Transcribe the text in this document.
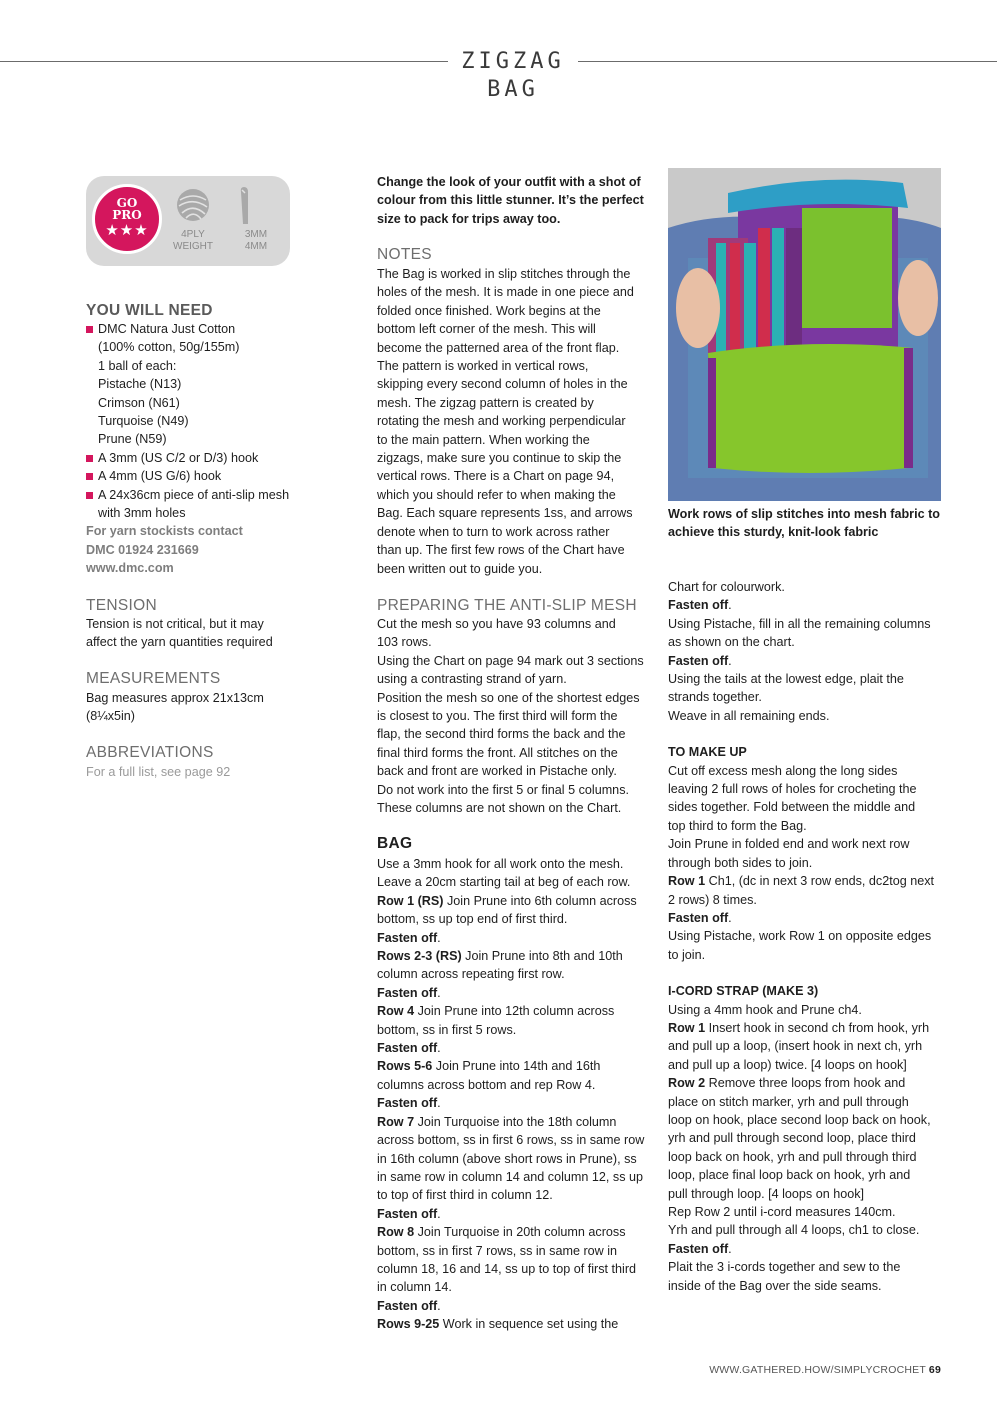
ZIGZAG BAG
GO
PRO
★★★	4PLY
WEIGHT
3MM
4MM
YOU WILL NEED

DMC Natura Just Cotton

(100% cotton, 50g/155m)

1 ball of each:

Pistache (N13)

Crimson (N61)

Turquoise (N49)

Prune (N59)

A 3mm (US C/2 or D/3) hook

A 4mm (US G/6) hook

A 24x36cm piece of anti-slip mesh

with 3mm holes

For yarn stockists contact

DMC 01924 231669

www.dmc.com

TENSION

Tension is not critical, but it may

affect the yarn quantities required

MEASUREMENTS

Bag measures approx 21x13cm

(8¼x5in)

ABBREVIATIONS
For a full list, see page 92

Change the look of your outfit with a shot of

colour from this little stunner. It’s the perfect

size to pack for trips away too.

NOTES

The Bag is worked in slip stitches through the

holes of the mesh. It is made in one piece and

folded once finished. Work begins at the

bottom left corner of the mesh. This will

become the patterned area of the front flap.

The pattern is worked in vertical rows,

skipping every second column of holes in the

mesh. The zigzag pattern is created by

rotating the mesh and working perpendicular

to the main pattern. When working the

zigzags, make sure you continue to skip the

vertical rows. There is a Chart on page 94,

which you should refer to when making the

Bag. Each square represents 1ss, and arrows

denote when to turn to work across rather

than up. The first few rows of the Chart have

been written out to guide you.

PREPARING THE ANTI-SLIP MESH

Cut the mesh so you have 93 columns and

103 rows.

Using the Chart on page 94 mark out 3 sections

using a contrasting strand of yarn.

Position the mesh so one of the shortest edges

is closest to you. The first third will form the

flap, the second third forms the back and the

final third forms the front. All stitches on the

back and front are worked in Pistache only.

Do not work into the first 5 or final 5 columns.

These columns are not shown on the Chart.

BAG

Use a 3mm hook for all work onto the mesh.

Leave a 20cm starting tail at beg of each row.

Row 1 (RS) Join Prune into 6th column across

bottom, ss up top end of first third.

Fasten off.

Rows 2-3 (RS) Join Prune into 8th and 10th

column across repeating first row.

Fasten off.

Row 4 Join Prune into 12th column across

bottom, ss in first 5 rows.

Fasten off.

Rows 5-6 Join Prune into 14th and 16th

columns across bottom and rep Row 4.

Fasten off.

Row 7 Join Turquoise into the 18th column

across bottom, ss in first 6 rows, ss in same row

in 16th column (above short rows in Prune), ss

in same row in column 14 and column 12, ss up

to top of first third in column 12.

Fasten off.

Row 8 Join Turquoise in 20th column across

bottom, ss in first 7 rows, ss in same row in

column 18, 16 and 14, ss up to top of first third

in column 14.

Fasten off.

Rows 9-25 Work in sequence set using the

Work rows of slip stitches into mesh fabric to

achieve this sturdy, knit-look fabric

Chart for colourwork.

Fasten off.

Using Pistache, fill in all the remaining columns

as shown on the chart.

Fasten off.

Using the tails at the lowest edge, plait the

strands together.

Weave in all remaining ends.

TO MAKE UP

Cut off excess mesh along the long sides

leaving 2 full rows of holes for crocheting the

sides together. Fold between the middle and

top third to form the Bag.

Join Prune in folded end and work next row

through both sides to join.

Row 1 Ch1, (dc in next 3 row ends, dc2tog next

2 rows) 8 times.

Fasten off.

Using Pistache, work Row 1 on opposite edges

to join.

I-CORD STRAP (MAKE 3)

Using a 4mm hook and Prune ch4.

Row 1 Insert hook in second ch from hook, yrh

and pull up a loop, (insert hook in next ch, yrh

and pull up a loop) twice. [4 loops on hook]

Row 2 Remove three loops from hook and

place on stitch marker, yrh and pull through

loop on hook, place second loop back on hook,

yrh and pull through second loop, place third

loop back on hook, yrh and pull through third

loop, place final loop back on hook, yrh and

pull through loop. [4 loops on hook]

Rep Row 2 until i-cord measures 140cm.

Yrh and pull through all 4 loops, ch1 to close.

Fasten off.

Plait the 3 i-cords together and sew to the

inside of the Bag over the side seams.

WWW.GATHERED.HOW/SIMPLYCROCHET 69
